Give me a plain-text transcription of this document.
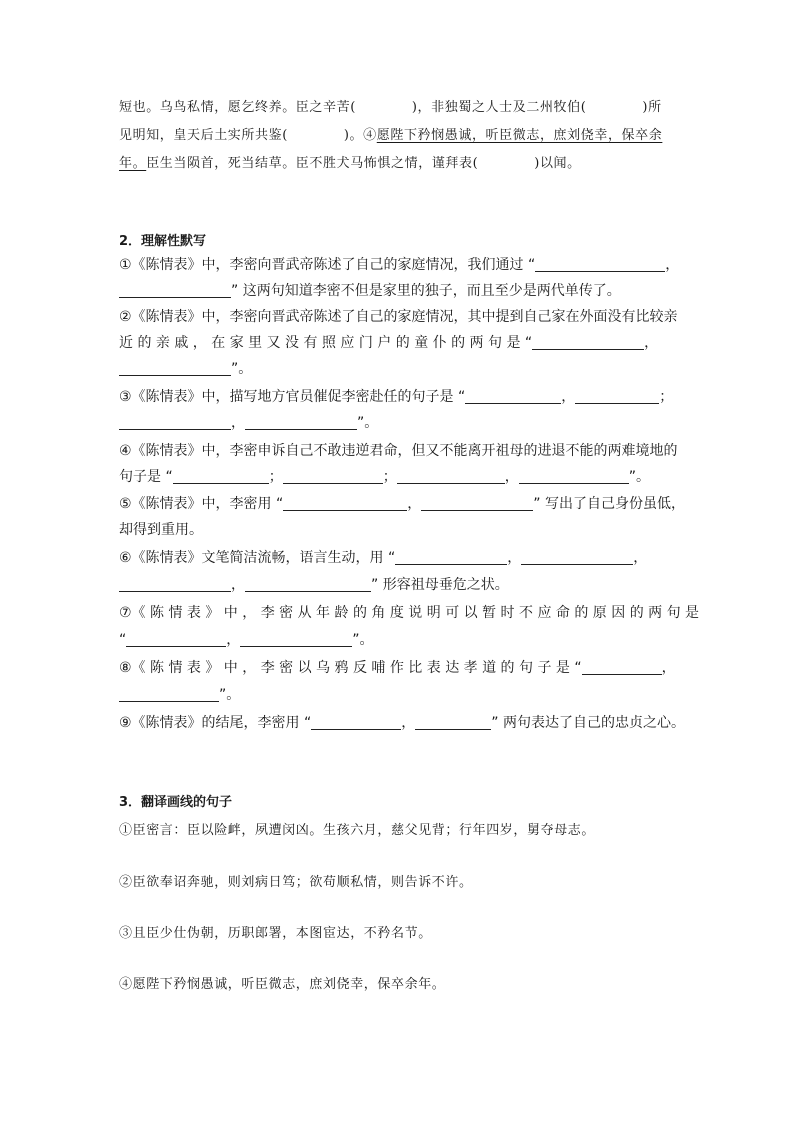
短也。乌鸟私情，愿乞终养。臣之辛苦(	)，非独蜀之人士及二州牧伯(	)所
见明知，皇天后土实所共鉴(	)。④愿陛下矜悯愚诚，听臣微志，庶刘侥幸，保卒余
年。臣生当陨首，死当结草。臣不胜犬马怖惧之情，谨拜表(	)以闻。
2．理解性默写
①《陈情表》中，李密向晋武帝陈述了自己的家庭情况，我们通过 “	，
” 这两句知道李密不但是家里的独子，而且至少是两代单传了。
②《陈情表》中，李密向晋武帝陈述了自己的家庭情况，其中提到自己家在外面没有比较亲
近 的 亲 戚 ， 在 家 里 又 没 有 照 应 门 户 的 童 仆 的 两 句 是 “	，
”。
③《陈情表》中，描写地方官员催促李密赴任的句子是 “	，	；
，	”。
④《陈情表》中，李密申诉自己不敢违逆君命，但又不能离开祖母的进退不能的两难境地的
句子是 “	；	；	，	”。
⑤《陈情表》中，李密用 “	，	” 写出了自己身份虽低，
却得到重用。
⑥《陈情表》文笔简洁流畅，语言生动，用 “	，	，
，	” 形容祖母垂危之状。
⑦《 陈 情 表 》 中 ， 李 密 从 年 龄 的 角 度 说 明 可 以 暂 时 不 应 命 的 原 因 的 两 句 是
“	，	”。
⑧《 陈 情 表 》 中 ， 李 密 以 乌 鸦 反 哺 作 比 表 达 孝 道 的 句 子 是 “	，
”。
⑨《陈情表》的结尾，李密用 “	，	” 两句表达了自己的忠贞之心。
3．翻译画线的句子
①臣密言：臣以险衅，夙遭闵凶。生孩六月，慈父见背；行年四岁，舅夺母志。
②臣欲奉诏奔驰，则刘病日笃；欲苟顺私情，则告诉不许。
③且臣少仕伪朝，历职郎署，本图宦达，不矜名节。
④愿陛下矜悯愚诚，听臣微志，庶刘侥幸，保卒余年。
